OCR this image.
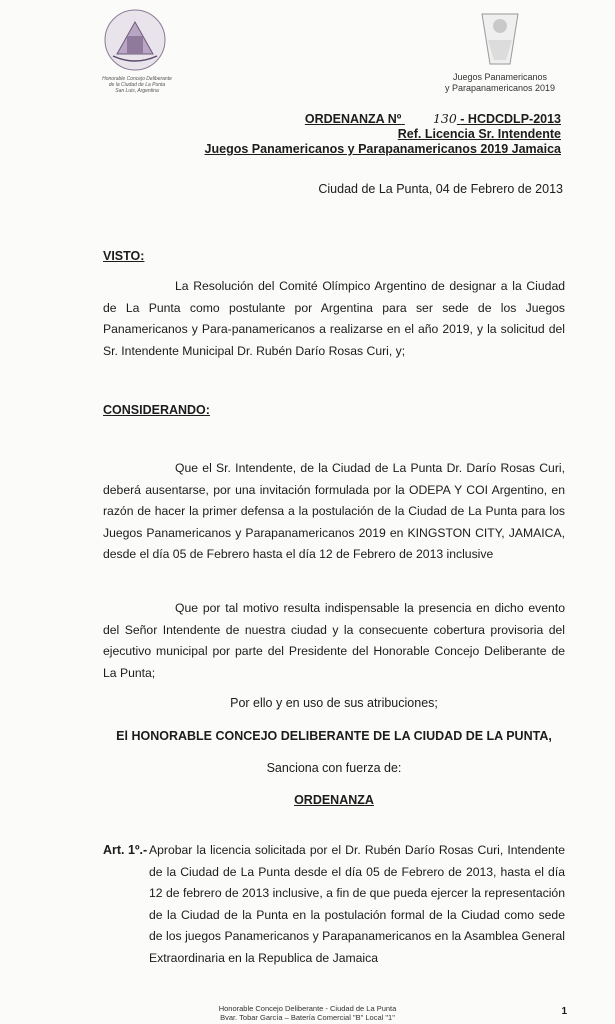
Honorable Concejo Deliberante
de la Ciudad de La Punta
San Luis, Argentina
Juegos Panamericanos
y Parapanamericanos 2019
ORDENANZA Nº	130 - HCDCDLP-2013
Ref. Licencia Sr. Intendente
Juegos Panamericanos y Parapanamericanos 2019 Jamaica
Ciudad de La Punta, 04 de Febrero de 2013
VISTO:
La Resolución del Comité Olímpico Argentino de designar a la Ciudad de La Punta como postulante por Argentina para ser sede de los Juegos Panamericanos y Para-panamericanos a realizarse en el año 2019, y la solicitud del Sr. Intendente Municipal Dr. Rubén Darío Rosas Curi, y;
CONSIDERANDO:
Que el Sr. Intendente, de la Ciudad de La Punta Dr. Darío Rosas Curi, deberá ausentarse, por una invitación formulada por la ODEPA Y COI Argentino, en razón de hacer la primer defensa a la postulación de la Ciudad de La Punta para los Juegos Panamericanos y Parapanamericanos 2019 en KINGSTON CITY, JAMAICA, desde el día 05 de Febrero hasta el día 12 de Febrero de 2013 inclusive
Que por tal motivo resulta indispensable la presencia en dicho evento del Señor Intendente de nuestra ciudad y la consecuente cobertura provisoria del ejecutivo municipal por parte del Presidente del Honorable Concejo Deliberante de La Punta;
Por ello y en uso de sus atribuciones;
El HONORABLE CONCEJO DELIBERANTE DE LA CIUDAD DE LA PUNTA,
Sanciona con fuerza de:
ORDENANZA
Art. 1º.- Aprobar la licencia solicitada por el Dr. Rubén Darío Rosas Curi, Intendente de la Ciudad de La Punta desde el día 05 de Febrero de 2013, hasta el día 12 de febrero de 2013 inclusive, a fin de que pueda ejercer la representación de la Ciudad de la Punta en la postulación formal de la Ciudad como sede de los juegos Panamericanos y Parapanamericanos en la Asamblea General Extraordinaria en la Republica de Jamaica
Honorable Concejo Deliberante - Ciudad de La Punta
Bvar. Tobar García – Batería Comercial "B" Local "1"
1
